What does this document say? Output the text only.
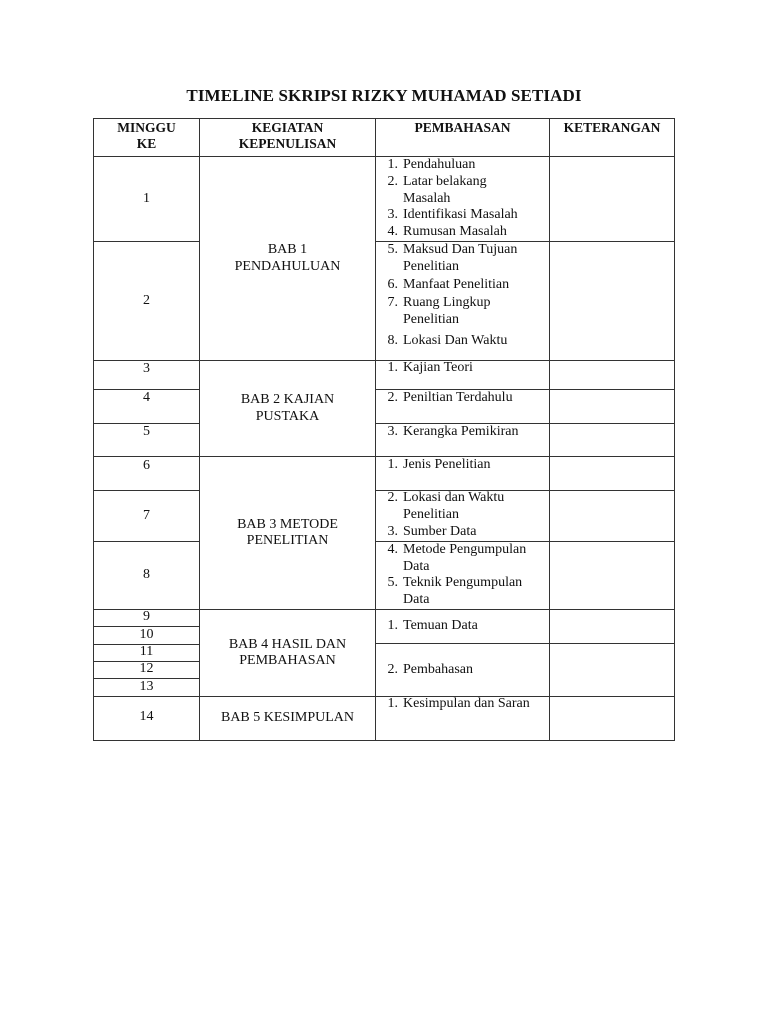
TIMELINE SKRIPSI RIZKY MUHAMAD SETIADI
MINGGU
KE
KEGIATAN
KEPENULISAN
PEMBAHASAN	KETERANGAN
1
2
3
4
5
6
7
8
9
10
11
12
13
14
BAB 1
PENDAHULUAN
BAB 2 KAJIAN
PUSTAKA
BAB 3 METODE
PENELITIAN
BAB 4 HASIL DAN
PEMBAHASAN
BAB 5 KESIMPULAN
1. Pendahuluan
2. Latar belakang
Masalah
3. Identifikasi Masalah
4. Rumusan Masalah
5. Maksud Dan Tujuan
Penelitian
6. Manfaat Penelitian
7. Ruang Lingkup
Penelitian
8. Lokasi Dan Waktu
1. Kajian Teori
2. Peniltian Terdahulu
3. Kerangka Pemikiran
1. Jenis Penelitian
2. Lokasi dan Waktu
Penelitian
3. Sumber Data
4. Metode Pengumpulan
Data
5. Teknik Pengumpulan
Data
1. Temuan Data
2. Pembahasan
1. Kesimpulan dan Saran
